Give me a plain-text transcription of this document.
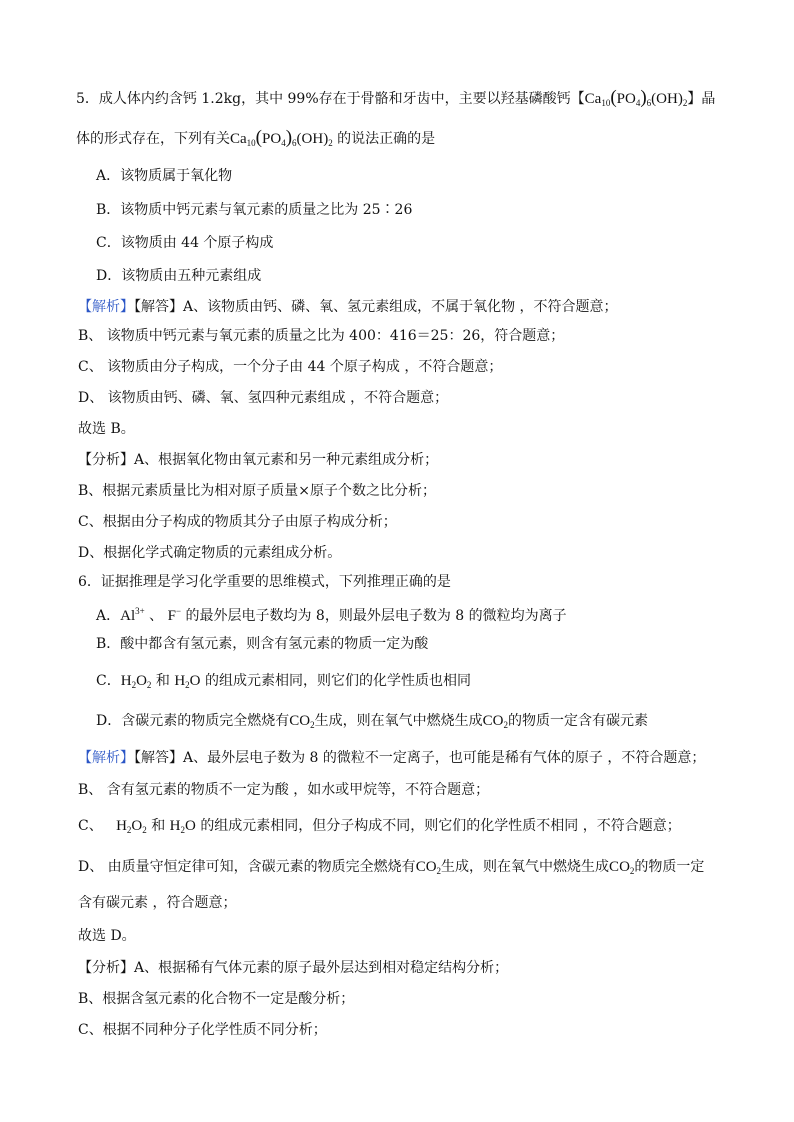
5．成人体内约含钙 1.2kg，其中 99%存在于骨骼和牙齿中，主要以羟基磷酸钙【$Ca_{10}(PO_4)_6(OH)_2$】晶
体的形式存在，下列有关$Ca_{10}(PO_4)_6(OH)_2$ 的说法正确的是
A．该物质属于氧化物
B．该物质中钙元素与氧元素的质量之比为 25∶26
C．该物质由 44 个原子构成
D．该物质由五种元素组成
【解析】【解答】A、该物质由钙、磷、氧、氢元素组成，不属于氧化物 ，不符合题意；
B、 该物质中钙元素与氧元素的质量之比为 400：416＝25：26，符合题意；
C、 该物质由分子构成，一个分子由 44 个原子构成 ，不符合题意；
D、 该物质由钙、磷、氧、氢四种元素组成 ，不符合题意；
故选 B。
【分析】A、根据氧化物由氧元素和另一种元素组成分析；
B、根据元素质量比为相对原子质量×原子个数之比分析；
C、根据由分子构成的物质其分子由原子构成分析；
D、根据化学式确定物质的元素组成分析。
6．证据推理是学习化学重要的思维模式，下列推理正确的是
A．$Al^{3+}$ 、 F− 的最外层电子数均为 8，则最外层电子数为 8 的微粒均为离子
B．酸中都含有氢元素，则含有氢元素的物质一定为酸
C．$H_2O_2$ 和 $H_2O$ 的组成元素相同，则它们的化学性质也相同
D．含碳元素的物质完全燃烧有$CO_2$生成，则在氧气中燃烧生成$CO_2$的物质一定含有碳元素
【解析】【解答】A、最外层电子数为 8 的微粒不一定离子，也可能是稀有气体的原子 ，不符合题意；
B、 含有氢元素的物质不一定为酸 ，如水或甲烷等，不符合题意；
C、 $H_2O_2$ 和 $H_2O$ 的组成元素相同，但分子构成不同，则它们的化学性质不相同 ，不符合题意；
D、 由质量守恒定律可知，含碳元素的物质完全燃烧有$CO_2$生成，则在氧气中燃烧生成$CO_2$的物质一定
含有碳元素 ，符合题意；
故选 D。
【分析】A、根据稀有气体元素的原子最外层达到相对稳定结构分析；
B、根据含氢元素的化合物不一定是酸分析；
C、根据不同种分子化学性质不同分析；
